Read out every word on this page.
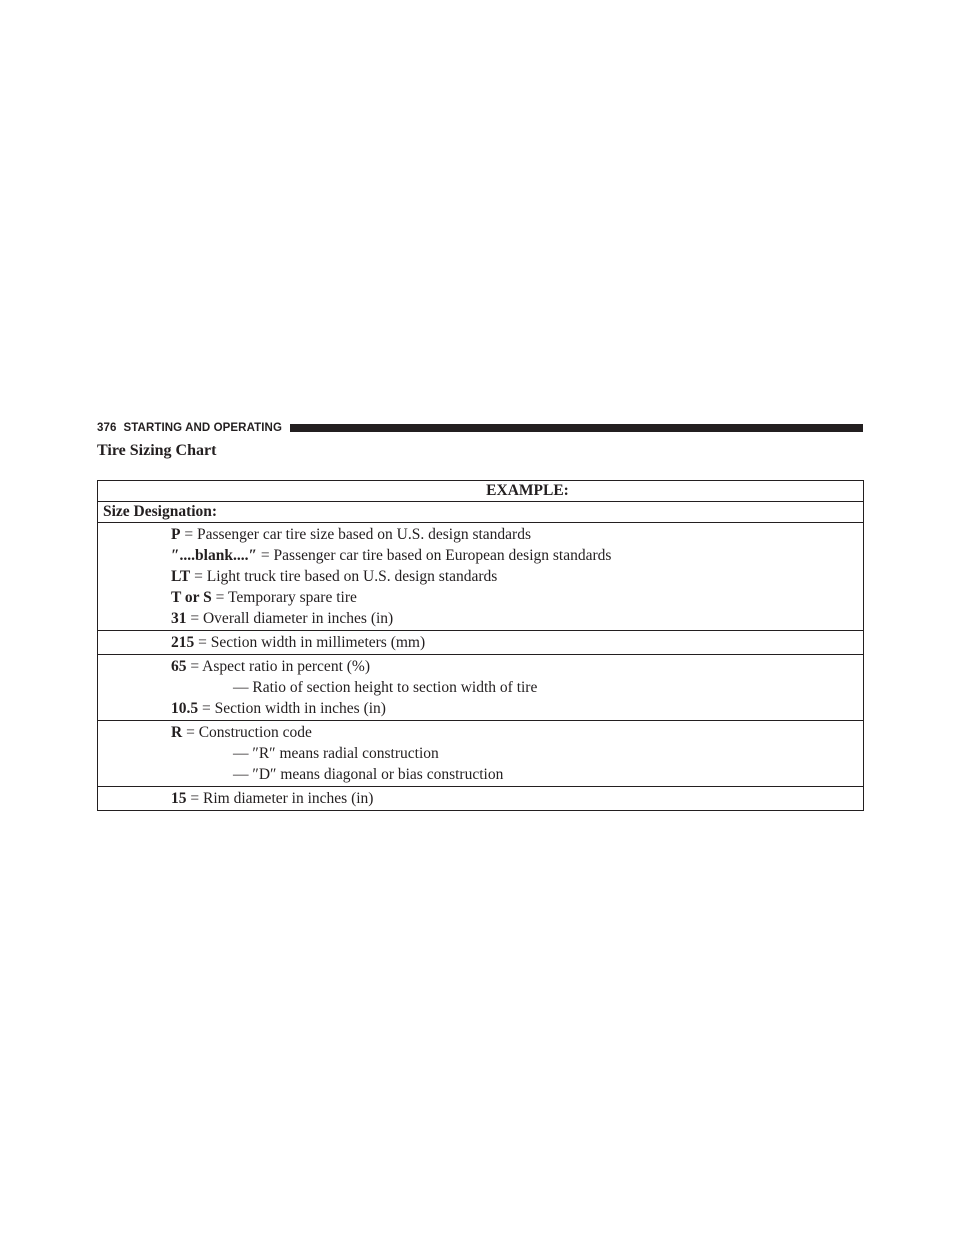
376 STARTING AND OPERATING
Tire Sizing Chart
EXAMPLE:
Size Designation:

P = Passenger car tire size based on U.S. design standards
″....blank....″ = Passenger car tire based on European design standards
LT = Light truck tire based on U.S. design standards
T or S = Temporary spare tire
31 = Overall diameter in inches (in)

215 = Section width in millimeters (mm)

65 = Aspect ratio in percent (%)
— Ratio of section height to section width of tire
10.5 = Section width in inches (in)

R = Construction code
— ″R″ means radial construction
— ″D″ means diagonal or bias construction

15 = Rim diameter in inches (in)
